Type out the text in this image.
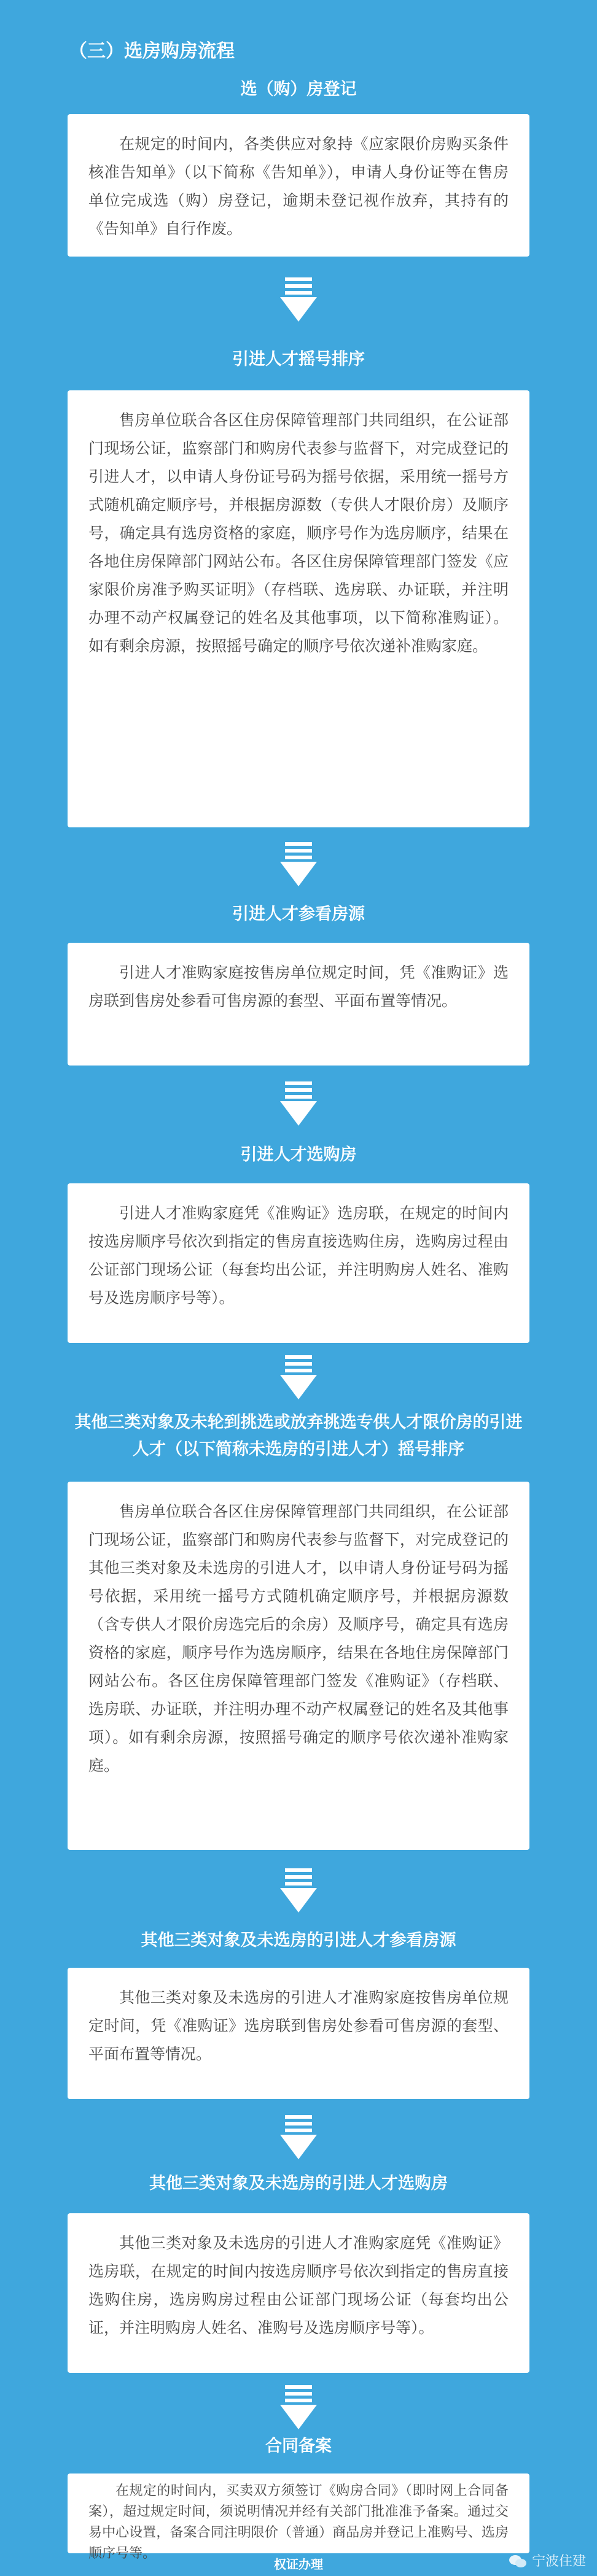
（三）选房购房流程
选（购）房登记

在规定的时间内，各类供应对象持《应家限价房购买条件核准告知单》（以下简称《告知单》），申请人身份证等在售房单位完成选（购）房登记，逾期未登记视作放弃，其持有的《告知单》自行作废。

引进人才摇号排序

售房单位联合各区住房保障管理部门共同组织，在公证部门现场公证，监察部门和购房代表参与监督下，对完成登记的引进人才，以申请人身份证号码为摇号依据，采用统一摇号方式随机确定顺序号，并根据房源数（专供人才限价房）及顺序号，确定具有选房资格的家庭，顺序号作为选房顺序，结果在各地住房保障部门网站公布。各区住房保障管理部门签发《应家限价房准予购买证明》（存档联、选房联、办证联，并注明办理不动产权属登记的姓名及其他事项，以下简称准购证）。如有剩余房源，按照摇号确定的顺序号依次递补准购家庭。

引进人才参看房源

引进人才准购家庭按售房单位规定时间，凭《准购证》选房联到售房处参看可售房源的套型、平面布置等情况。

引进人才选购房

引进人才准购家庭凭《准购证》选房联，在规定的时间内按选房顺序号依次到指定的售房直接选购住房，选购房过程由公证部门现场公证（每套均出公证，并注明购房人姓名、准购号及选房顺序号等）。

其他三类对象及未轮到挑选或放弃挑选专供人才限价房的引进人才（以下简称未选房的引进人才）摇号排序

售房单位联合各区住房保障管理部门共同组织，在公证部门现场公证，监察部门和购房代表参与监督下，对完成登记的其他三类对象及未选房的引进人才，以申请人身份证号码为摇号依据，采用统一摇号方式随机确定顺序号，并根据房源数（含专供人才限价房选完后的余房）及顺序号，确定具有选房资格的家庭，顺序号作为选房顺序，结果在各地住房保障部门网站公布。各区住房保障管理部门签发《准购证》（存档联、选房联、办证联，并注明办理不动产权属登记的姓名及其他事项）。如有剩余房源，按照摇号确定的顺序号依次递补准购家庭。

其他三类对象及未选房的引进人才参看房源

其他三类对象及未选房的引进人才准购家庭按售房单位规定时间，凭《准购证》选房联到售房处参看可售房源的套型、平面布置等情况。

其他三类对象及未选房的引进人才选购房

其他三类对象及未选房的引进人才准购家庭凭《准购证》选房联，在规定的时间内按选房顺序号依次到指定的售房直接选购住房，选房购房过程由公证部门现场公证（每套均出公证，并注明购房人姓名、准购号及选房顺序号等）。

合同备案

在规定的时间内，买卖双方须签订《购房合同》（即时网上合同备案），超过规定时间，须说明情况并经有关部门批准准予备案。通过交易中心设置，备案合同注明限价（普通）商品房并登记上准购号、选房顺序号等。

权证办理	宁波住建
